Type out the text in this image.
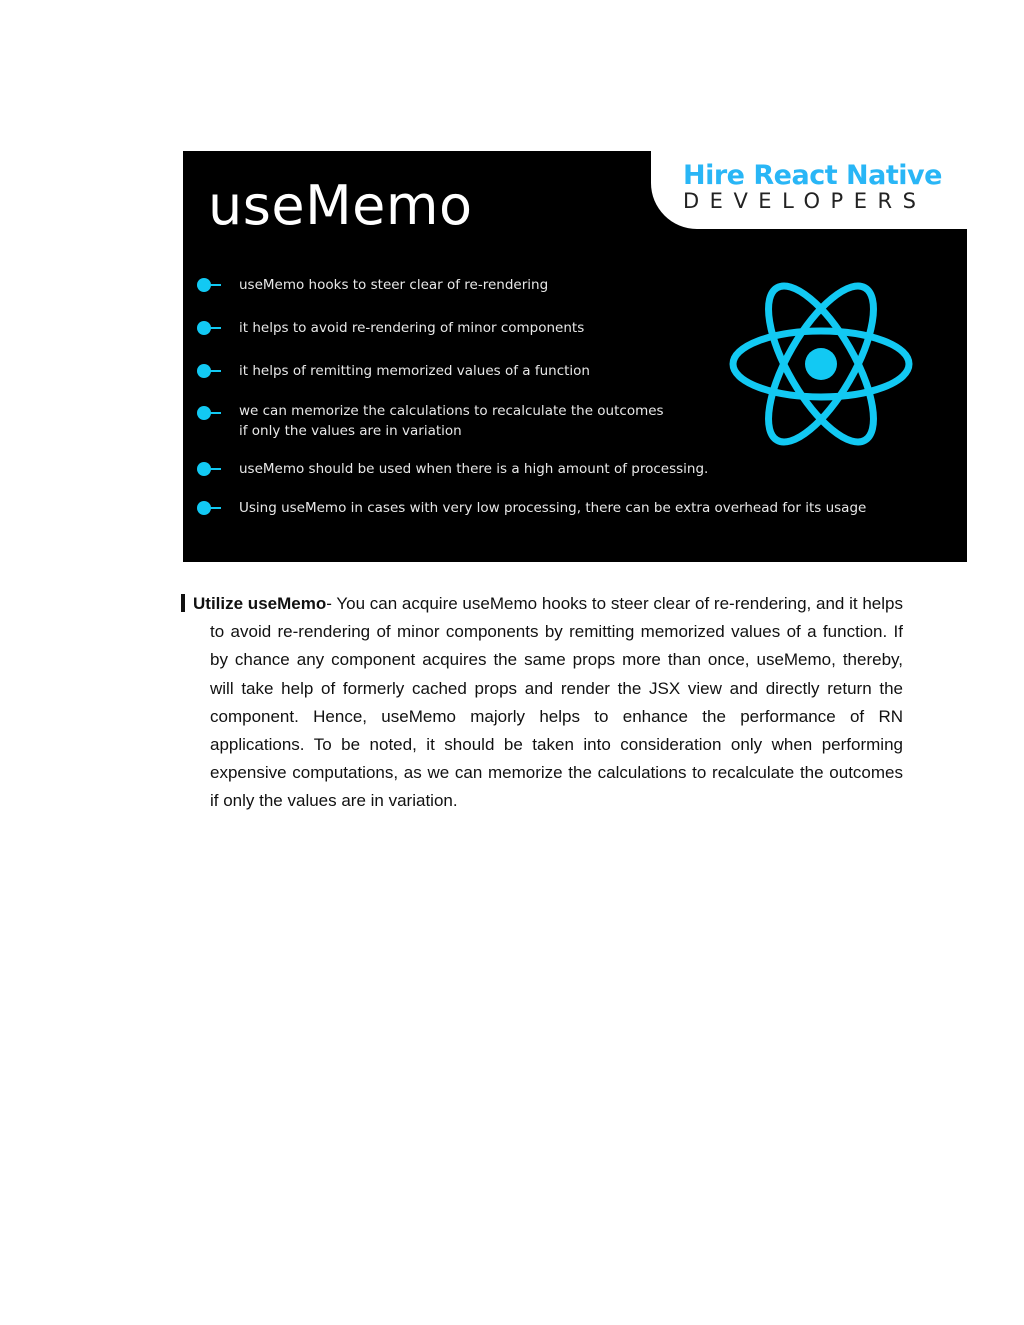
useMemo	Hire React Native
DEVELOPERS
useMemo hooks to steer clear of re-rendering
it helps to avoid re-rendering of minor components
it helps of remitting memorized values of a function
we can memorize the calculations to recalculate the outcomes
if only the values are in variation
useMemo should be used when there is a high amount of processing.
Using useMemo in cases with very low processing, there can be extra overhead for its usage
Utilize useMemo- You can acquire useMemo hooks to steer clear of re-rendering, and it helps to avoid re-rendering of minor components by remitting memorized values of a function. If by chance any component acquires the same props more than once, useMemo, thereby, will take help of formerly cached props and render the JSX view and directly return the component. Hence, useMemo majorly helps to enhance the performance of RN applications. To be noted, it should be taken into consideration only when performing expensive computations, as we can memorize the calculations to recalculate the outcomes if only the values are in variation.
